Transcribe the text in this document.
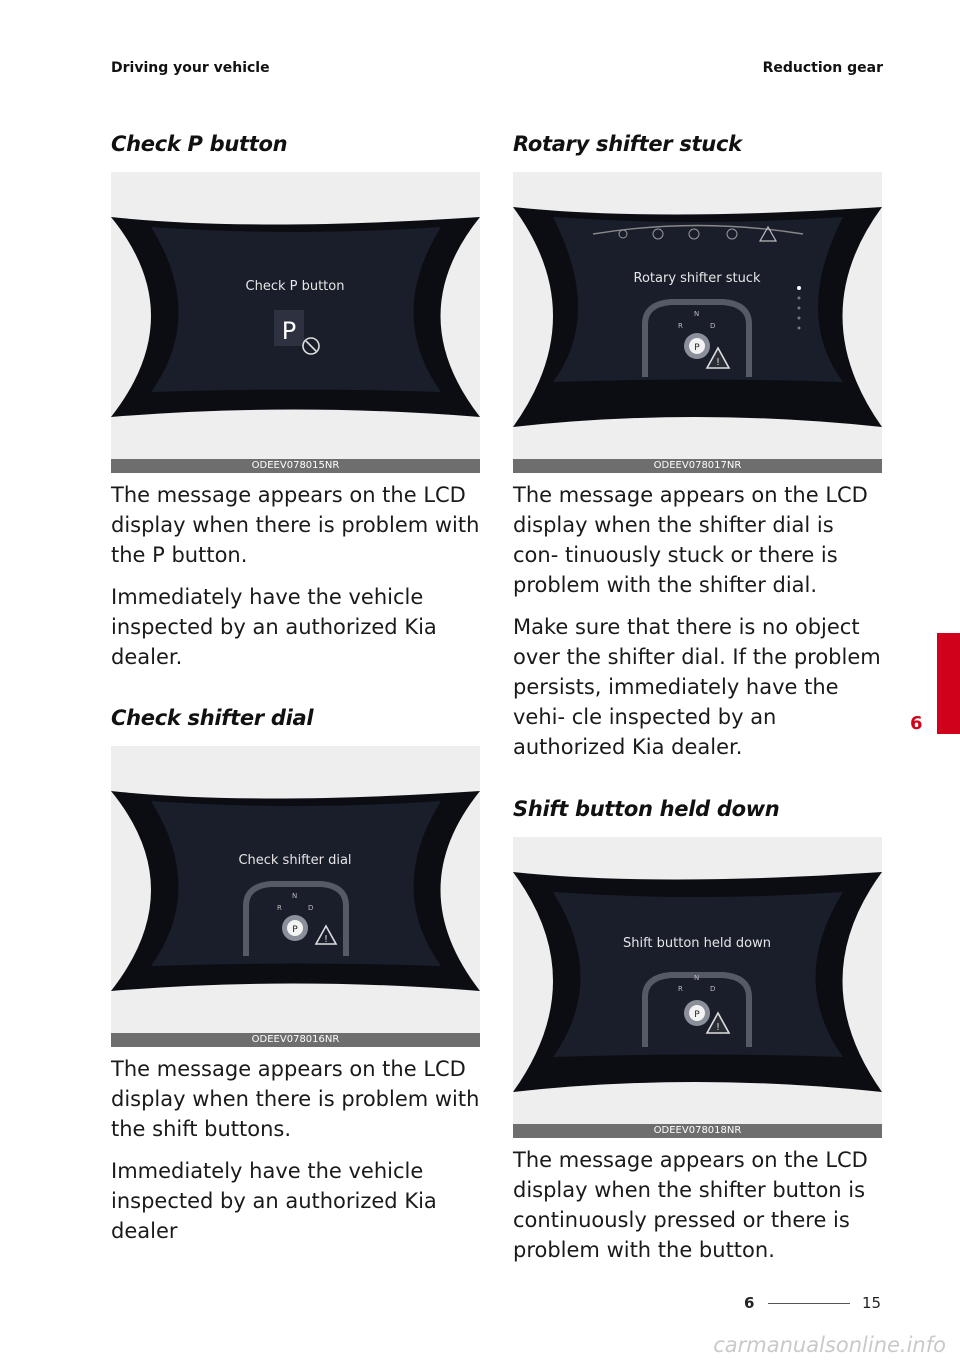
Driving your vehicle	Reduction gear
Check P button
Check P button
P
ODEEV078015NR

The message appears on the LCD display when there is problem with the P button.

Immediately have the vehicle inspected by an authorized Kia dealer.

Check shifter dial
Check shifter dial
R
N
D
P
!
ODEEV078016NR

The message appears on the LCD display when there is problem with the shift buttons.

Immediately have the vehicle inspected by an authorized Kia dealer

Rotary shifter stuck
Rotary shifter stuck
R
N
D
P
!
ODEEV078017NR

The message appears on the LCD display when the shifter dial is con- tinuously stuck or there is problem with the shifter dial.

Make sure that there is no object over the shifter dial. If the problem persists, immediately have the vehi- cle inspected by an authorized Kia dealer.

Shift button held down
Shift button held down
R
N
D
P
!
ODEEV078018NR

The message appears on the LCD display when the shifter button is continuously pressed or there is problem with the button.

6
6	15
carmanualsonline.info
